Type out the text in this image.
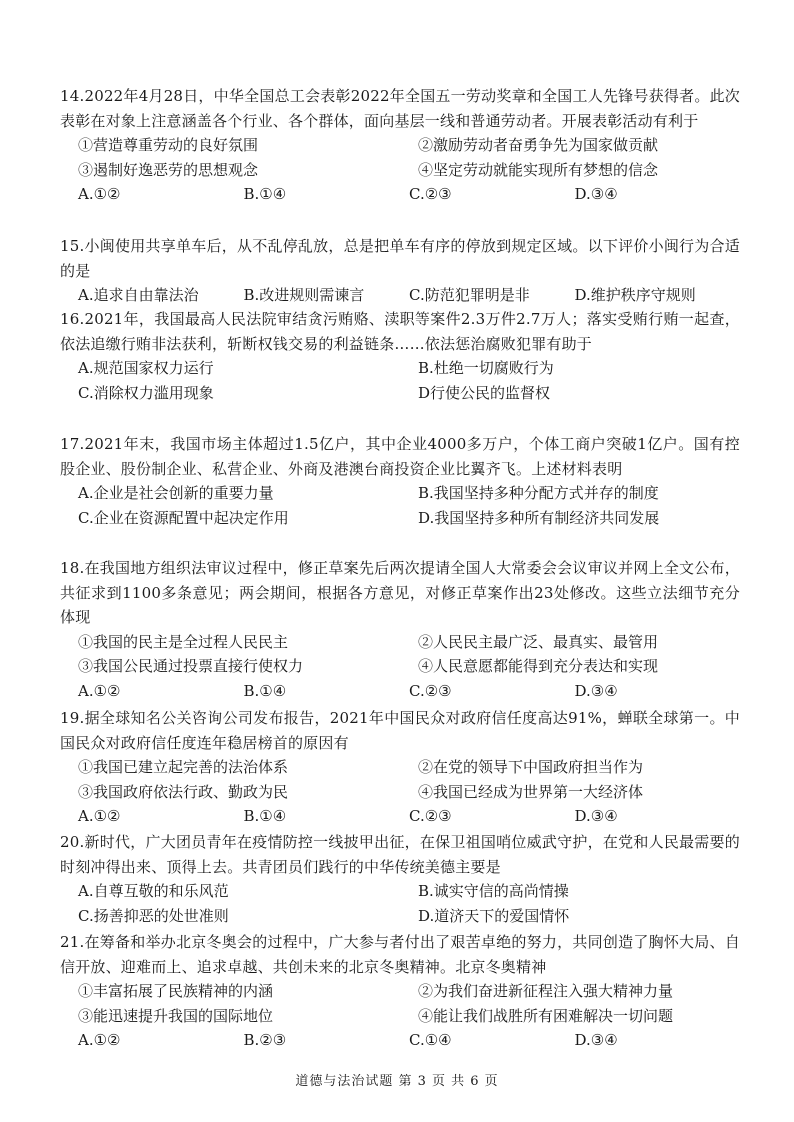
14.2022年4月28日，中华全国总工会表彰2022年全国五一劳动奖章和全国工人先锋号获得者。此次表彰在对象上注意涵盖各个行业、各个群体，面向基层一线和普通劳动者。开展表彰活动有利于

①营造尊重劳动的良好氛围	②激励劳动者奋勇争先为国家做贡献
③遏制好逸恶劳的思想观念	④坚定劳动就能实现所有梦想的信念
A.①②	B.①④	C.②③	D.③④

15.小闽使用共享单车后，从不乱停乱放，总是把单车有序的停放到规定区域。以下评价小闽行为合适的是

A.追求自由靠法治	B.改进规则需谏言	C.防范犯罪明是非	D.维护秩序守规则

16.2021年，我国最高人民法院审结贪污贿赂、渎职等案件2.3万件2.7万人；落实受贿行贿一起查，依法追缴行贿非法获利，斩断权钱交易的利益链条……依法惩治腐败犯罪有助于

A.规范国家权力运行	B.杜绝一切腐败行为
C.消除权力滥用现象	D行使公民的监督权

17.2021年末，我国市场主体超过1.5亿户，其中企业4000多万户，个体工商户突破1亿户。国有控股企业、股份制企业、私营企业、外商及港澳台商投资企业比翼齐飞。上述材料表明

A.企业是社会创新的重要力量	B.我国坚持多种分配方式并存的制度
C.企业在资源配置中起决定作用	D.我国坚持多种所有制经济共同发展

18.在我国地方组织法审议过程中，修正草案先后两次提请全国人大常委会会议审议并网上全文公布，共征求到1100多条意见；两会期间，根据各方意见，对修正草案作出23处修改。这些立法细节充分体现

①我国的民主是全过程人民民主	②人民民主最广泛、最真实、最管用
③我国公民通过投票直接行使权力	④人民意愿都能得到充分表达和实现
A.①②	B.①④	C.②③	D.③④

19.据全球知名公关咨询公司发布报告，2021年中国民众对政府信任度高达91%，蝉联全球第一。中国民众对政府信任度连年稳居榜首的原因有

①我国已建立起完善的法治体系	②在党的领导下中国政府担当作为
③我国政府依法行政、勤政为民	④我国已经成为世界第一大经济体
A.①②	B.①④	C.②③	D.③④

20.新时代，广大团员青年在疫情防控一线披甲出征，在保卫祖国哨位威武守护，在党和人民最需要的时刻冲得出来、顶得上去。共青团员们践行的中华传统美德主要是

A.自尊互敬的和乐风范	B.诚实守信的高尚情操
C.扬善抑恶的处世准则	D.道济天下的爱国情怀

21.在筹备和举办北京冬奥会的过程中，广大参与者付出了艰苦卓绝的努力，共同创造了胸怀大局、自信开放、迎难而上、追求卓越、共创未来的北京冬奥精神。北京冬奥精神

①丰富拓展了民族精神的内涵	②为我们奋进新征程注入强大精神力量
③能迅速提升我国的国际地位	④能让我们战胜所有困难解决一切问题
A.①②	B.②③	C.①④	D.③④
道德与法治试题 第 3 页 共 6 页
